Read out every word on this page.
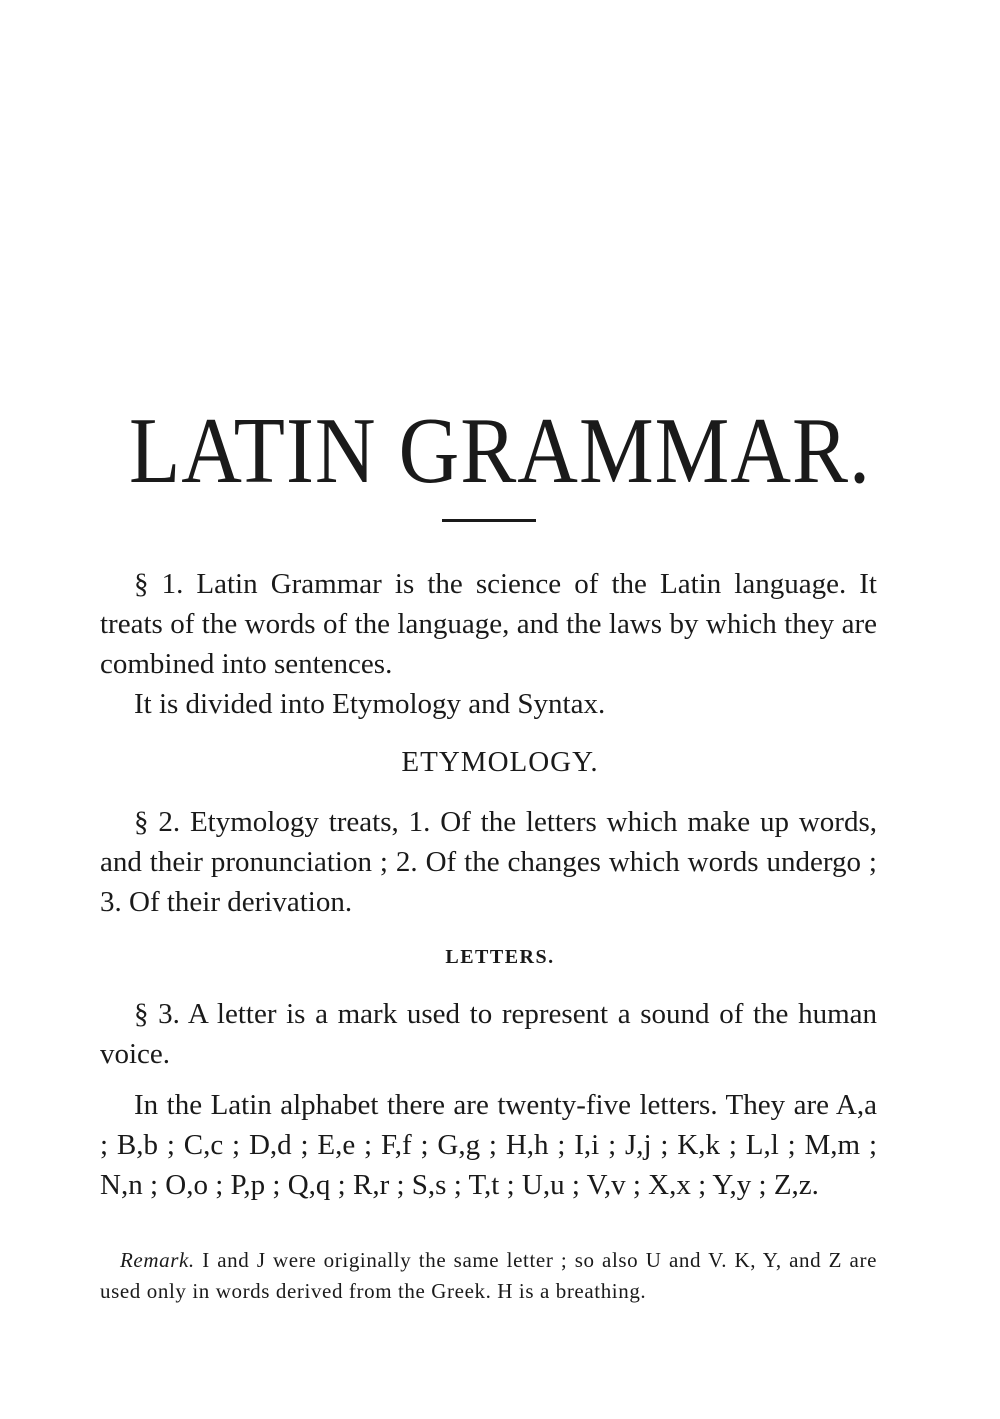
LATIN GRAMMAR.

§ 1. Latin Grammar is the science of the Latin language. It treats of the words of the language, and the laws by which they are combined into sentences.

It is divided into Etymology and Syntax.

ETYMOLOGY.

§ 2. Etymology treats, 1. Of the letters which make up words, and their pronunciation ; 2. Of the changes which words undergo ; 3. Of their derivation.

LETTERS.

§ 3. A letter is a mark used to represent a sound of the human voice.

In the Latin alphabet there are twenty-five letters. They are A,a ; B,b ; C,c ; D,d ; E,e ; F,f ; G,g ; H,h ; I,i ; J,j ; K,k ; L,l ; M,m ; N,n ; O,o ; P,p ; Q,q ; R,r ; S,s ; T,t ; U,u ; V,v ; X,x ; Y,y ; Z,z.

Remark. I and J were originally the same letter ; so also U and V. K, Y, and Z are used only in words derived from the Greek. H is a breathing.
